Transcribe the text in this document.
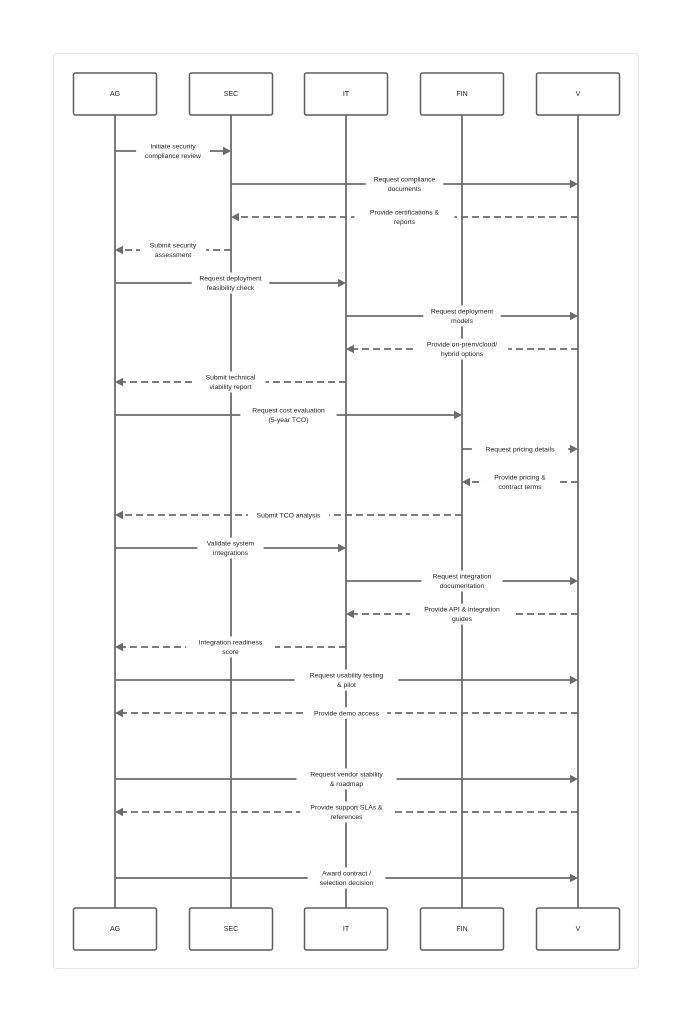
Initiate security compliance review
Request compliance documents
Provide certifications & reports
Submit security assessment
Request deployment feasibility check
Request deployment models
Provide on-prem/cloud/ hybrid options
Submit technical viability report
Request cost evaluation (5-year TCO)
Request pricing details
Provide pricing & contract terms
Submit TCO analysis
Validate system integrations
Request integration documentation
Provide API & integration guides
Integration readiness score
Request usability testing & pilot
Provide demo access
Request vendor stability & roadmap
Provide support SLAs & references
Award contract / selection decision
AG	SEC	IT	FIN	V
AG	SEC	IT	FIN	V
